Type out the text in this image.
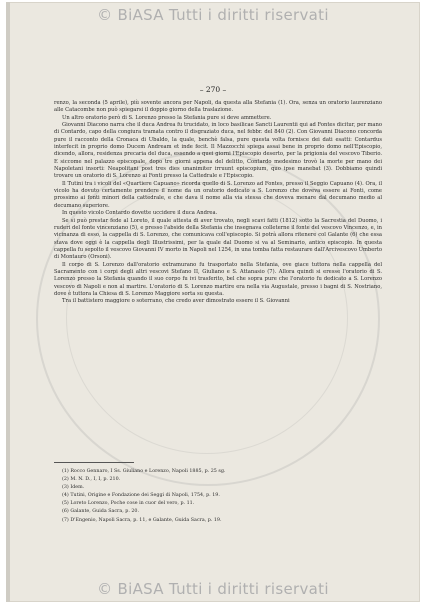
© BiASA Tutti i diritti riservati
– 270 –

renzo, la seconda (5 aprile), più sovente ancora per Napoli, da questa alla Stefania (1). Ora, senza un oratorio laurenziano alle Catacombe non può spiegarsi il doppio giorno della traslazione.

Un altro oratorio però di S. Lorenzo presso la Stefania pure si deve ammettere.

Giovanni Diacono narra che il duca Andrea fu trucidato, in loco basilicae Sancti Laurentii qui ad Fontes dicitur, per mano di Contardo, capo della congiura tramata contro il disgraziato duca, nel febbr. del 840 (2). Con Giovanni Diacono concorda pure il racconto della Cronaca di Ubaldo, la quale, benchè falsa, pure questa volta fornisce dei dati esatti: Contardus interfecit in proprio domo Ducem Andream et inde fecit. Il Mazzocchi spiega assai bene in proprio domo nell'Episcopio, dicendo, allora, residenza precaria del duca, essendo a quei giorni l'Episcopio deserto, per la prigionia del vescovo Tiberio. E siccome nel palazzo episcopale, dopo tre giorni appena del delitto, Contardo medesimo trovò la morte per mano dei Napoletani insorti: Neapolitani post tres dies unanimiter irruunt episcopium, quo ipse manebat (3). Dobbiamo quindi trovare un oratorio di S. Lorenzo ai Fonti presso la Cattedrale e l'Episcopio.

Il Tutini tra i vicoli del «Quartiere Capuano» ricorda quello di S. Lorenzo ad Fontes, presso il Seggio Capuano (4). Ora, il vicolo ha dovuto certamente prendere il nome da un oratorio dedicato a S. Lorenzo che doveva essere ai Fonti, come prossimo ai fonti minori della cattedrale, e che dava il nome alla via stessa che doveva menare dal decumano medio al decumano superiore.

In questo vicolo Contardo dovette uccidere il duca Andrea.

Se si può prestar fede al Loreto, il quale attesta di aver trovato, negli scavi fatti (1812) sotto la Sacrestia del Duomo, i ruderi del fonte vincenziano (5), e presso l'abside della Stefania che insegnava colleterne il fonte del vescovo Vincenzo, e, in vicinanza di esso, la cappella di S. Lorenzo, che comunicava coll'episcopio. Si potrà allora ritenere col Galante (6) che essa stava dove oggi è la cappella degli Illustrissimi, per la quale dal Duomo si va al Seminario, antico episcopio. In questa cappella fu sepolto il vescovo Giovanni IV morto in Napoli nel 1254, in una tomba fatta restaurare dall'Arcivescovo Umberto di Montauro (Orsoni).

Il corpo di S. Lorenzo dall'oratorio extramurano fu trasportato nella Stefania, ove giace tuttora nella cappella del Sacramento con i corpi degli altri vescovi Stefano II, Giuliano e S. Attanasio (7). Allora quindi si eresse l'oratorio di S. Lorenzo presso la Stefania quando il suo corpo fu ivi trasferito, bel che sopra pure che l'oratorio fu dedicato a S. Lorenzo vescovo di Napoli e non al martire. L'oratorio di S. Lorenzo martire era nella via Augustale, presso i bagni di S. Nostriano, dove è tuttora la Chiesa di S. Lorenzo Maggiore sorta su questa.

Tra il battistero maggiore o soterrano, che credo aver dimostrato essere il S. Giovanni

(1) Rocco Gennaro, I Ss. Giuliano e Lorenzo, Napoli 1885, p. 25 sg.
(2) M. N. D., I, I, p. 210.
(3) Idem.
(4) Tutini, Origine e Fondazione dei Seggi di Napoli, 1754, p. 19.
(5) Loreto Lorenzo, Poche cose in cuor del vero, p. 11.
(6) Galante, Guida Sacra, p. 20.
(7) D'Engenio, Napoli Sacra, p. 11, e Galante, Guida Sacra, p. 19.
© BiASA Tutti i diritti riservati
